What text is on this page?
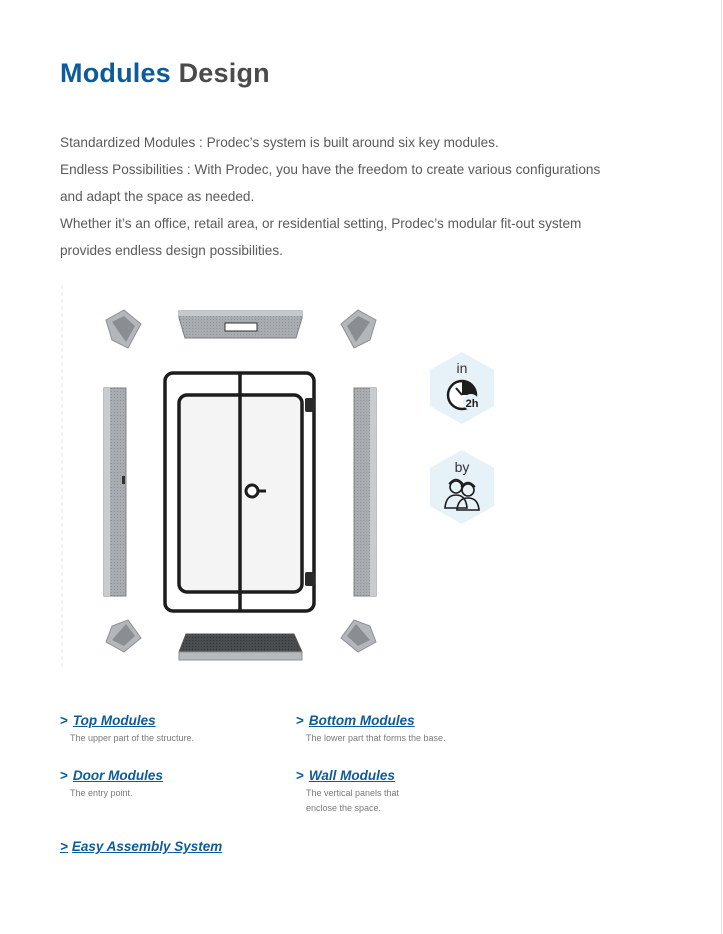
Modules Design

Standardized Modules : Prodec’s system is built around six key modules.

Endless Possibilities : With Prodec, you have the freedom to create various configurations

and adapt the space as needed.

Whether it’s an office, retail area, or residential setting, Prodec’s modular fit-out system

provides endless design possibilities.

in
2h
by
> Top Modules
The upper part of the structure.
> Bottom Modules
The lower part that forms the base.
> Door Modules
The entry point.
> Wall Modules
The vertical panels that enclose the space.
> Easy Assembly System
